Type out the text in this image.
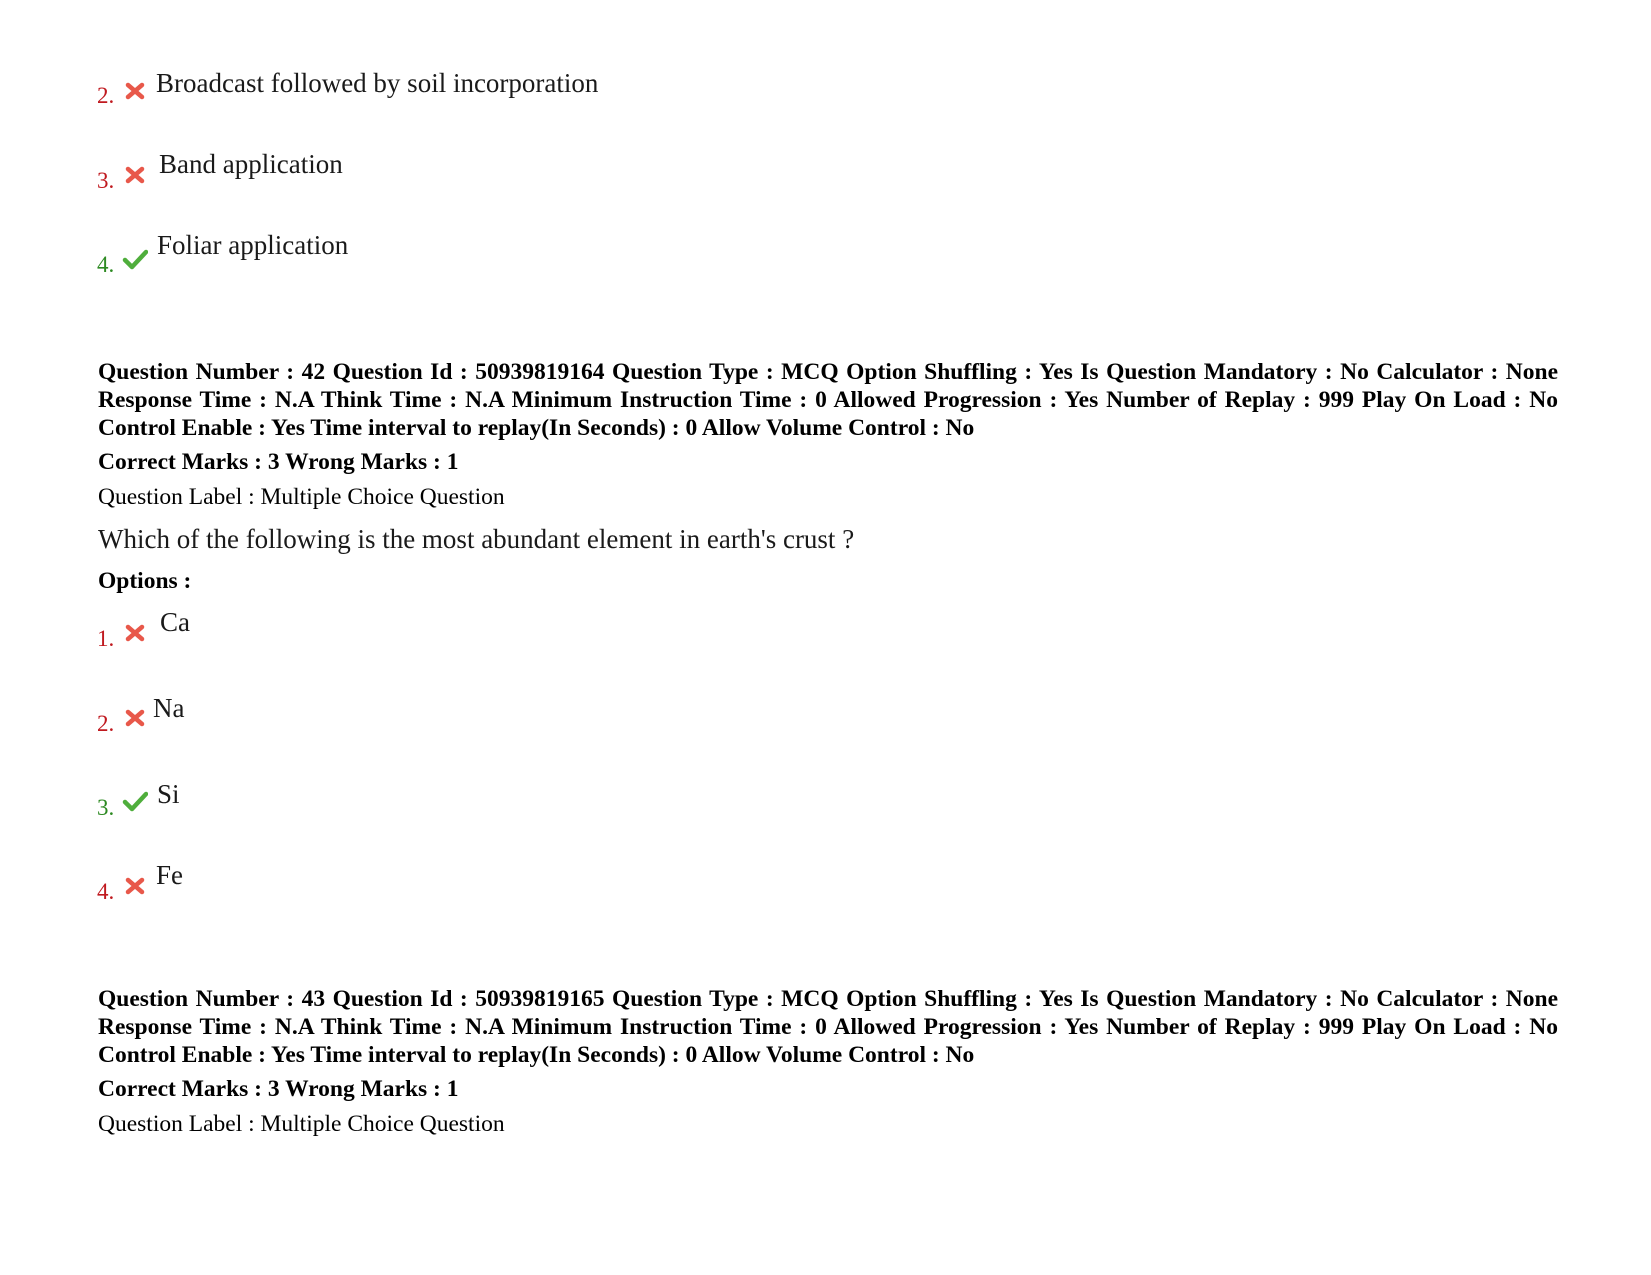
2. Broadcast followed by soil incorporation
3.
Band application
4.
Foliar application
Question Number : 42 Question Id : 50939819164 Question Type : MCQ Option Shuffling : Yes Is Question Mandatory : No Calculator : None Response Time : N.A Think Time : N.A Minimum Instruction Time : 0 Allowed Progression : Yes Number of Replay : 999 Play On Load : No Control Enable : Yes Time interval to replay(In Seconds) : 0 Allow Volume Control : No
Correct Marks : 3 Wrong Marks : 1
Question Label : Multiple Choice Question
Which of the following is the most abundant element in earth's crust ?
Options :
1.
Ca
2.
Na
3. Si
4.
Fe
Question Number : 43 Question Id : 50939819165 Question Type : MCQ Option Shuffling : Yes Is Question Mandatory : No Calculator : None Response Time : N.A Think Time : N.A Minimum Instruction Time : 0 Allowed Progression : Yes Number of Replay : 999 Play On Load : No Control Enable : Yes Time interval to replay(In Seconds) : 0 Allow Volume Control : No
Correct Marks : 3 Wrong Marks : 1
Question Label : Multiple Choice Question
